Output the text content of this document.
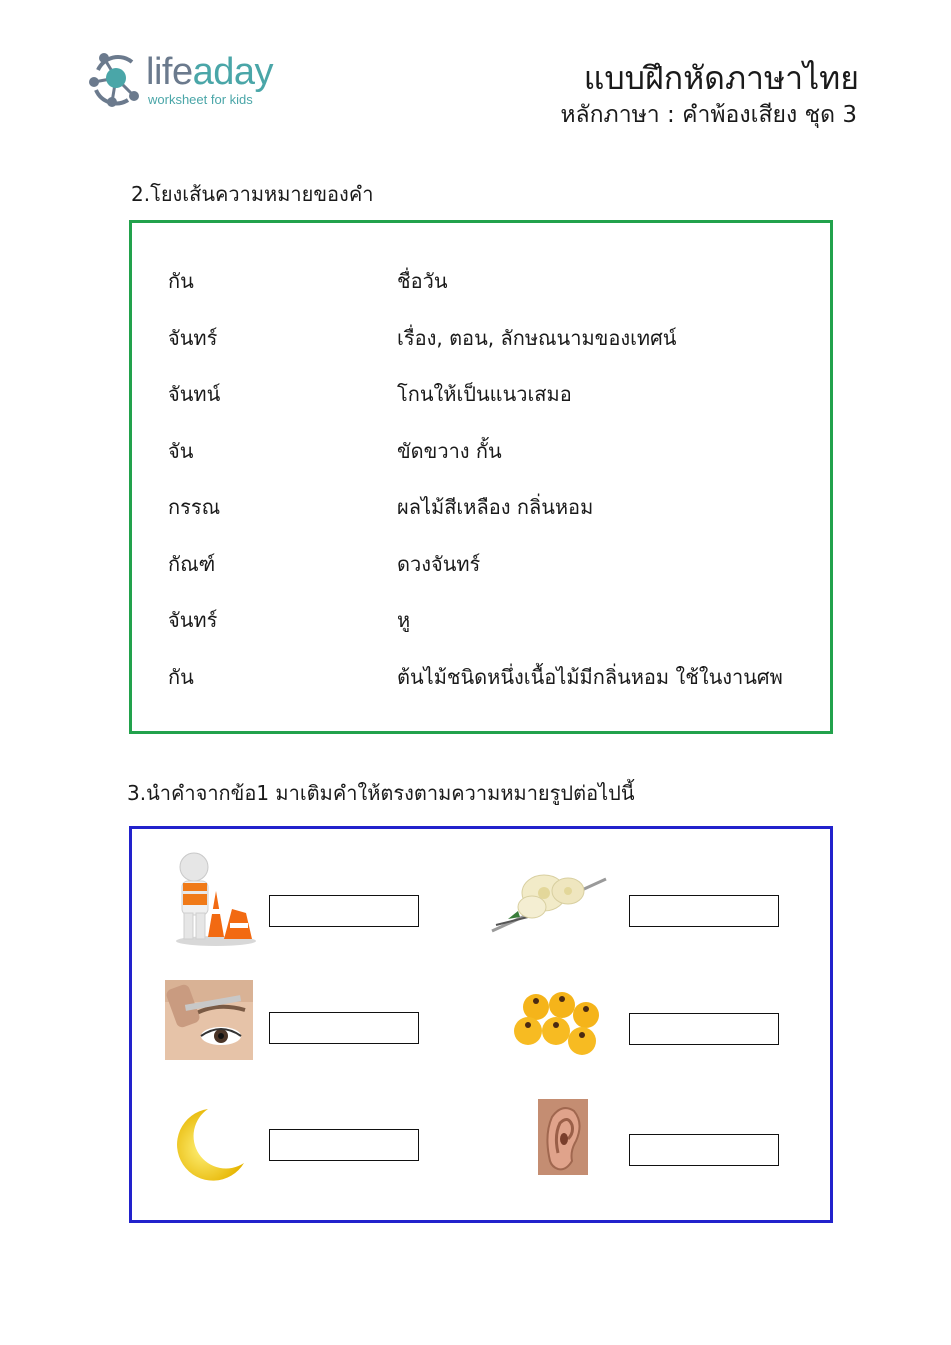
lifeaday
worksheet for kids
แบบฝึกหัดภาษาไทย
หลักภาษา : คำพ้องเสียง ชุด 3
2.โยงเส้นความหมายของคำ
กัน	ชื่อวัน
จันทร์	เรื่อง, ตอน, ลักษณนามของเทศน์
จันทน์	โกนให้เป็นแนวเสมอ
จัน	ขัดขวาง กั้น
กรรณ	ผลไม้สีเหลือง กลิ่นหอม
กัณฑ์	ดวงจันทร์
จันทร์	หู
กัน	ต้นไม้ชนิดหนึ่งเนื้อไม้มีกลิ่นหอม ใช้ในงานศพ
3.นำคำจากข้อ1 มาเติมคำให้ตรงตามความหมายรูปต่อไปนี้
